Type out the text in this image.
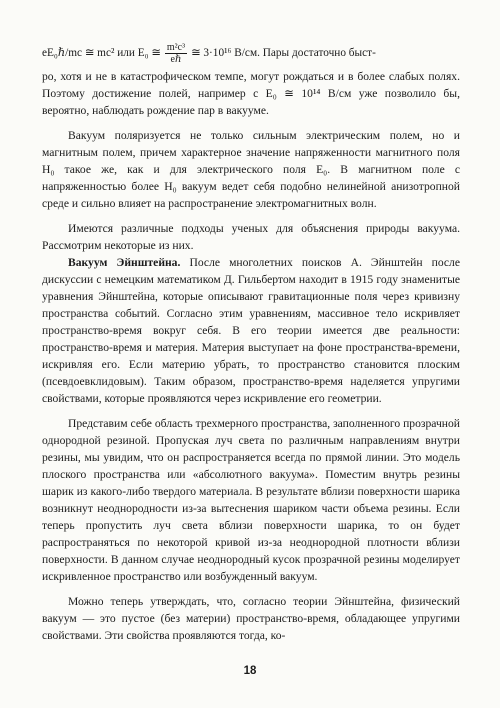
eE₀ℏ/mc ≅ mc² или E₀ ≅ $\frac{\text{m²c³}}{\text{eℏ}}$ ≅ 3·10¹⁶ В/см. Пары достаточно быст-

ро, хотя и не в катастрофическом темпе, могут рождаться и в более слабых полях. Поэтому достижение полей, например с E₀ ≅ 10¹⁴ В/см уже позволило бы, вероятно, наблюдать рождение пар в вакууме.

Вакуум поляризуется не только сильным электрическим полем, но и магнитным полем, причем характерное значение напряженности магнитного поля H₀ такое же, как и для электрического поля E₀. В магнитном поле с напряженностью более H₀ вакуум ведет себя подобно нелинейной анизотропной среде и сильно влияет на распространение электромагнитных волн.

Имеются различные подходы ученых для объяснения природы вакуума. Рассмотрим некоторые из них.

Вакуум Эйнштейна. После многолетних поисков А. Эйнштейн после дискуссии с немецким математиком Д. Гильбертом находит в 1915 году знаменитые уравнения Эйнштейна, которые описывают гравитационные поля через кривизну пространства событий. Согласно этим уравнениям, массивное тело искривляет пространство-время вокруг себя. В его теории имеется две реальности: пространство-время и материя. Материя выступает на фоне пространства-времени, искривляя его. Если материю убрать, то пространство становится плоским (псевдоевклидовым). Таким образом, пространство-время наделяется упругими свойствами, которые проявляются через искривление его геометрии.

Представим себе область трехмерного пространства, заполненного прозрачной однородной резиной. Пропуская луч света по различным направлениям внутри резины, мы увидим, что он распространяется всегда по прямой линии. Это модель плоского пространства или «абсолютного вакуума». Поместим внутрь резины шарик из какого-либо твердого материала. В результате вблизи поверхности шарика возникнут неоднородности из-за вытеснения шариком части объема резины. Если теперь пропустить луч света вблизи поверхности шарика, то он будет распространяться по некоторой кривой из-за неоднородной плотности вблизи поверхности. В данном случае неоднородный кусок прозрачной резины моделирует искривленное пространство или возбужденный вакуум.

Можно теперь утверждать, что, согласно теории Эйнштейна, физический вакуум — это пустое (без материи) пространство-время, обладающее упругими свойствами. Эти свойства проявляются тогда, ко-

18
